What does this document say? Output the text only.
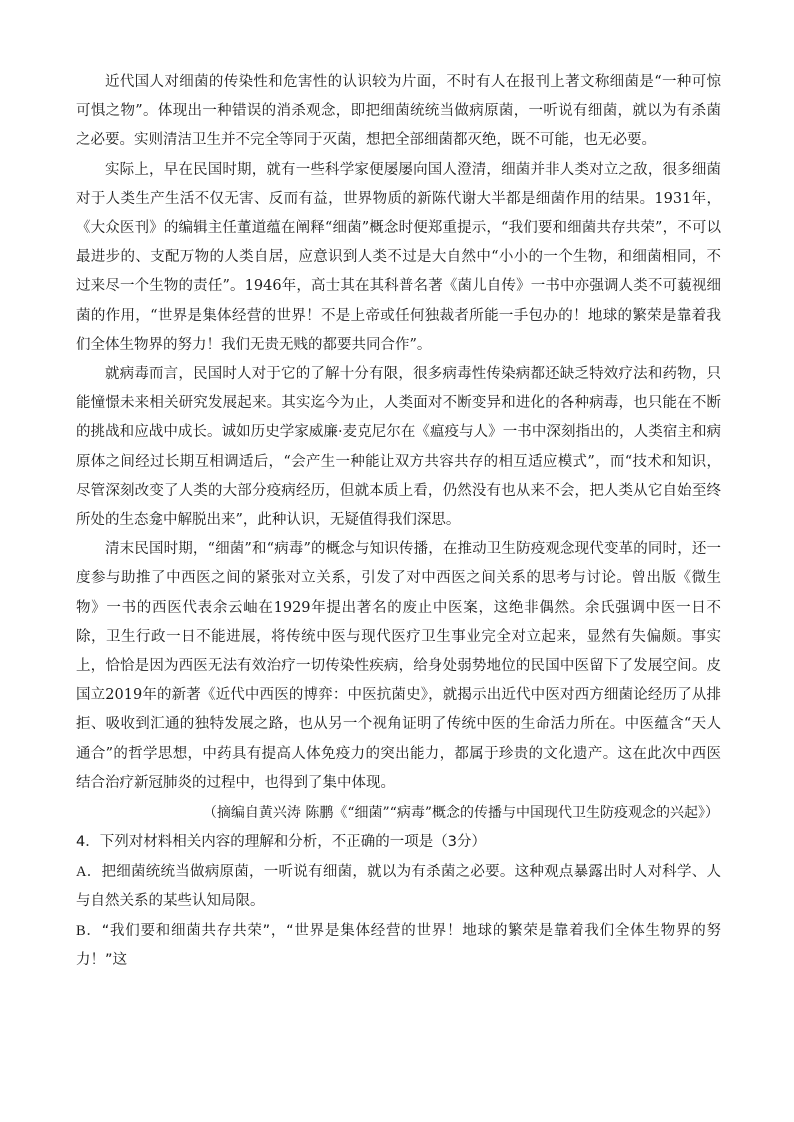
近代国人对细菌的传染性和危害性的认识较为片面，不时有人在报刊上著文称细菌是“一种可惊可惧之物”。体现出一种错误的消杀观念，即把细菌统统当做病原菌，一听说有细菌，就以为有杀菌之必要。实则清洁卫生并不完全等同于灭菌，想把全部细菌都灭绝，既不可能，也无必要。

实际上，早在民国时期，就有一些科学家便屡屡向国人澄清，细菌并非人类对立之敌，很多细菌对于人类生产生活不仅无害、反而有益，世界物质的新陈代谢大半都是细菌作用的结果。1931年，《大众医刊》的编辑主任董道蕴在阐释“细菌”概念时便郑重提示，“我们要和细菌共存共荣”，不可以最进步的、支配万物的人类自居，应意识到人类不过是大自然中“小小的一个生物，和细菌相同，不过来尽一个生物的责任”。1946年，高士其在其科普名著《菌儿自传》一书中亦强调人类不可藐视细菌的作用，“世界是集体经营的世界！不是上帝或任何独裁者所能一手包办的！地球的繁荣是靠着我们全体生物界的努力！我们无贵无贱的都要共同合作”。

就病毒而言，民国时人对于它的了解十分有限，很多病毒性传染病都还缺乏特效疗法和药物，只能憧憬未来相关研究发展起来。其实迄今为止，人类面对不断变异和进化的各种病毒，也只能在不断的挑战和应战中成长。诚如历史学家威廉·麦克尼尔在《瘟疫与人》一书中深刻指出的，人类宿主和病原体之间经过长期互相调适后，“会产生一种能让双方共容共存的相互适应模式”，而“技术和知识，尽管深刻改变了人类的大部分疫病经历，但就本质上看，仍然没有也从来不会，把人类从它自始至终所处的生态龛中解脱出来”，此种认识，无疑值得我们深思。

清末民国时期，“细菌”和“病毒”的概念与知识传播，在推动卫生防疫观念现代变革的同时，还一度参与助推了中西医之间的紧张对立关系，引发了对中西医之间关系的思考与讨论。曾出版《微生物》一书的西医代表余云岫在1929年提出著名的废止中医案，这绝非偶然。余氏强调中医一日不除，卫生行政一日不能进展，将传统中医与现代医疗卫生事业完全对立起来，显然有失偏颇。事实上，恰恰是因为西医无法有效治疗一切传染性疾病，给身处弱势地位的民国中医留下了发展空间。皮国立2019年的新著《近代中西医的博弈：中医抗菌史》，就揭示出近代中医对西方细菌论经历了从排拒、吸收到汇通的独特发展之路，也从另一个视角证明了传统中医的生命活力所在。中医蕴含“天人通合”的哲学思想，中药具有提高人体免疫力的突出能力，都属于珍贵的文化遗产。这在此次中西医结合治疗新冠肺炎的过程中，也得到了集中体现。

（摘编自黄兴涛 陈鹏《“细菌”“病毒”概念的传播与中国现代卫生防疫观念的兴起》）

4．下列对材料相关内容的理解和分析，不正确的一项是（3分）

A．把细菌统统当做病原菌，一听说有细菌，就以为有杀菌之必要。这种观点暴露出时人对科学、人与自然关系的某些认知局限。

B．“我们要和细菌共存共荣”，“世界是集体经营的世界！地球的繁荣是靠着我们全体生物界的努力！”这
